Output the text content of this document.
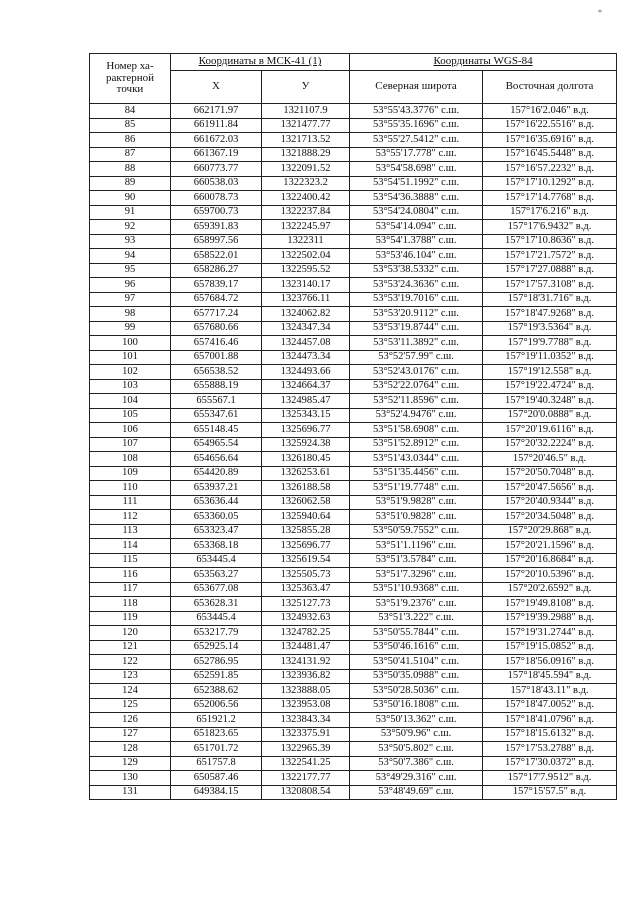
*
Номер ха-
рактерной
точки	Координаты в МСК-41 (1)		Координаты WGS-84	
	X	У	Северная широта	Восточная долгота
84	662171.97	1321107.9	53°55'43.3776" с.ш.	157°16'2.046" в.д.
85	661911.84	1321477.77	53°55'35.1696" с.ш.	157°16'22.5516" в.д.
86	661672.03	1321713.52	53°55'27.5412" с.ш.	157°16'35.6916" в.д.
87	661367.19	1321888.29	53°55'17.778" с.ш.	157°16'45.5448" в.д.
88	660773.77	1322091.52	53°54'58.698" с.ш.	157°16'57.2232" в.д.
89	660538.03	1322323.2	53°54'51.1992" с.ш.	157°17'10.1292" в.д.
90	660078.73	1322400.42	53°54'36.3888" с.ш.	157°17'14.7768" в.д.
91	659700.73	1322237.84	53°54'24.0804" с.ш.	157°17'6.216" в.д.
92	659391.83	1322245.97	53°54'14.094" с.ш.	157°17'6.9432" в.д.
93	658997.56	1322311	53°54'1.3788" с.ш.	157°17'10.8636" в.д.
94	658522.01	1322502.04	53°53'46.104" с.ш.	157°17'21.7572" в.д.
95	658286.27	1322595.52	53°53'38.5332" с.ш.	157°17'27.0888" в.д.
96	657839.17	1323140.17	53°53'24.3636" с.ш.	157°17'57.3108" в.д.
97	657684.72	1323766.11	53°53'19.7016" с.ш.	157°18'31.716" в.д.
98	657717.24	1324062.82	53°53'20.9112" с.ш.	157°18'47.9268" в.д.
99	657680.66	1324347.34	53°53'19.8744" с.ш.	157°19'3.5364" в.д.
100	657416.46	1324457.08	53°53'11.3892" с.ш.	157°19'9.7788" в.д.
101	657001.88	1324473.34	53°52'57.99" с.ш.	157°19'11.0352" в.д.
102	656538.52	1324493.66	53°52'43.0176" с.ш.	157°19'12.558" в.д.
103	655888.19	1324664.37	53°52'22.0764" с.ш.	157°19'22.4724" в.д.
104	655567.1	1324985.47	53°52'11.8596" с.ш.	157°19'40.3248" в.д.
105	655347.61	1325343.15	53°52'4.9476" с.ш.	157°20'0.0888" в.д.
106	655148.45	1325696.77	53°51'58.6908" с.ш.	157°20'19.6116" в.д.
107	654965.54	1325924.38	53°51'52.8912" с.ш.	157°20'32.2224" в.д.
108	654656.64	1326180.45	53°51'43.0344" с.ш.	157°20'46.5" в.д.
109	654420.89	1326253.61	53°51'35.4456" с.ш.	157°20'50.7048" в.д.
110	653937.21	1326188.58	53°51'19.7748" с.ш.	157°20'47.5656" в.д.
111	653636.44	1326062.58	53°51'9.9828" с.ш.	157°20'40.9344" в.д.
112	653360.05	1325940.64	53°51'0.9828" с.ш.	157°20'34.5048" в.д.
113	653323.47	1325855.28	53°50'59.7552" с.ш.	157°20'29.868" в.д.
114	653368.18	1325696.77	53°51'1.1196" с.ш.	157°20'21.1596" в.д.
115	653445.4	1325619.54	53°51'3.5784" с.ш.	157°20'16.8684" в.д.
116	653563.27	1325505.73	53°51'7.3296" с.ш.	157°20'10.5396" в.д.
117	653677.08	1325363.47	53°51'10.9368" с.ш.	157°20'2.6592" в.д.
118	653628.31	1325127.73	53°51'9.2376" с.ш.	157°19'49.8108" в.д.
119	653445.4	1324932.63	53°51'3.222" с.ш.	157°19'39.2988" в.д.
120	653217.79	1324782.25	53°50'55.7844" с.ш.	157°19'31.2744" в.д.
121	652925.14	1324481.47	53°50'46.1616" с.ш.	157°19'15.0852" в.д.
122	652786.95	1324131.92	53°50'41.5104" с.ш.	157°18'56.0916" в.д.
123	652591.85	1323936.82	53°50'35.0988" с.ш.	157°18'45.594" в.д.
124	652388.62	1323888.05	53°50'28.5036" с.ш.	157°18'43.11" в.д.
125	652006.56	1323953.08	53°50'16.1808" с.ш.	157°18'47.0052" в.д.
126	651921.2	1323843.34	53°50'13.362" с.ш.	157°18'41.0796" в.д.
127	651823.65	1323375.91	53°50'9.96" с.ш.	157°18'15.6132" в.д.
128	651701.72	1322965.39	53°50'5.802" с.ш.	157°17'53.2788" в.д.
129	651757.8	1322541.25	53°50'7.386" с.ш.	157°17'30.0372" в.д.
130	650587.46	1322177.77	53°49'29.316" с.ш.	157°17'7.9512" в.д.
131	649384.15	1320808.54	53°48'49.69" с.ш.	157°15'57.5" в.д.
